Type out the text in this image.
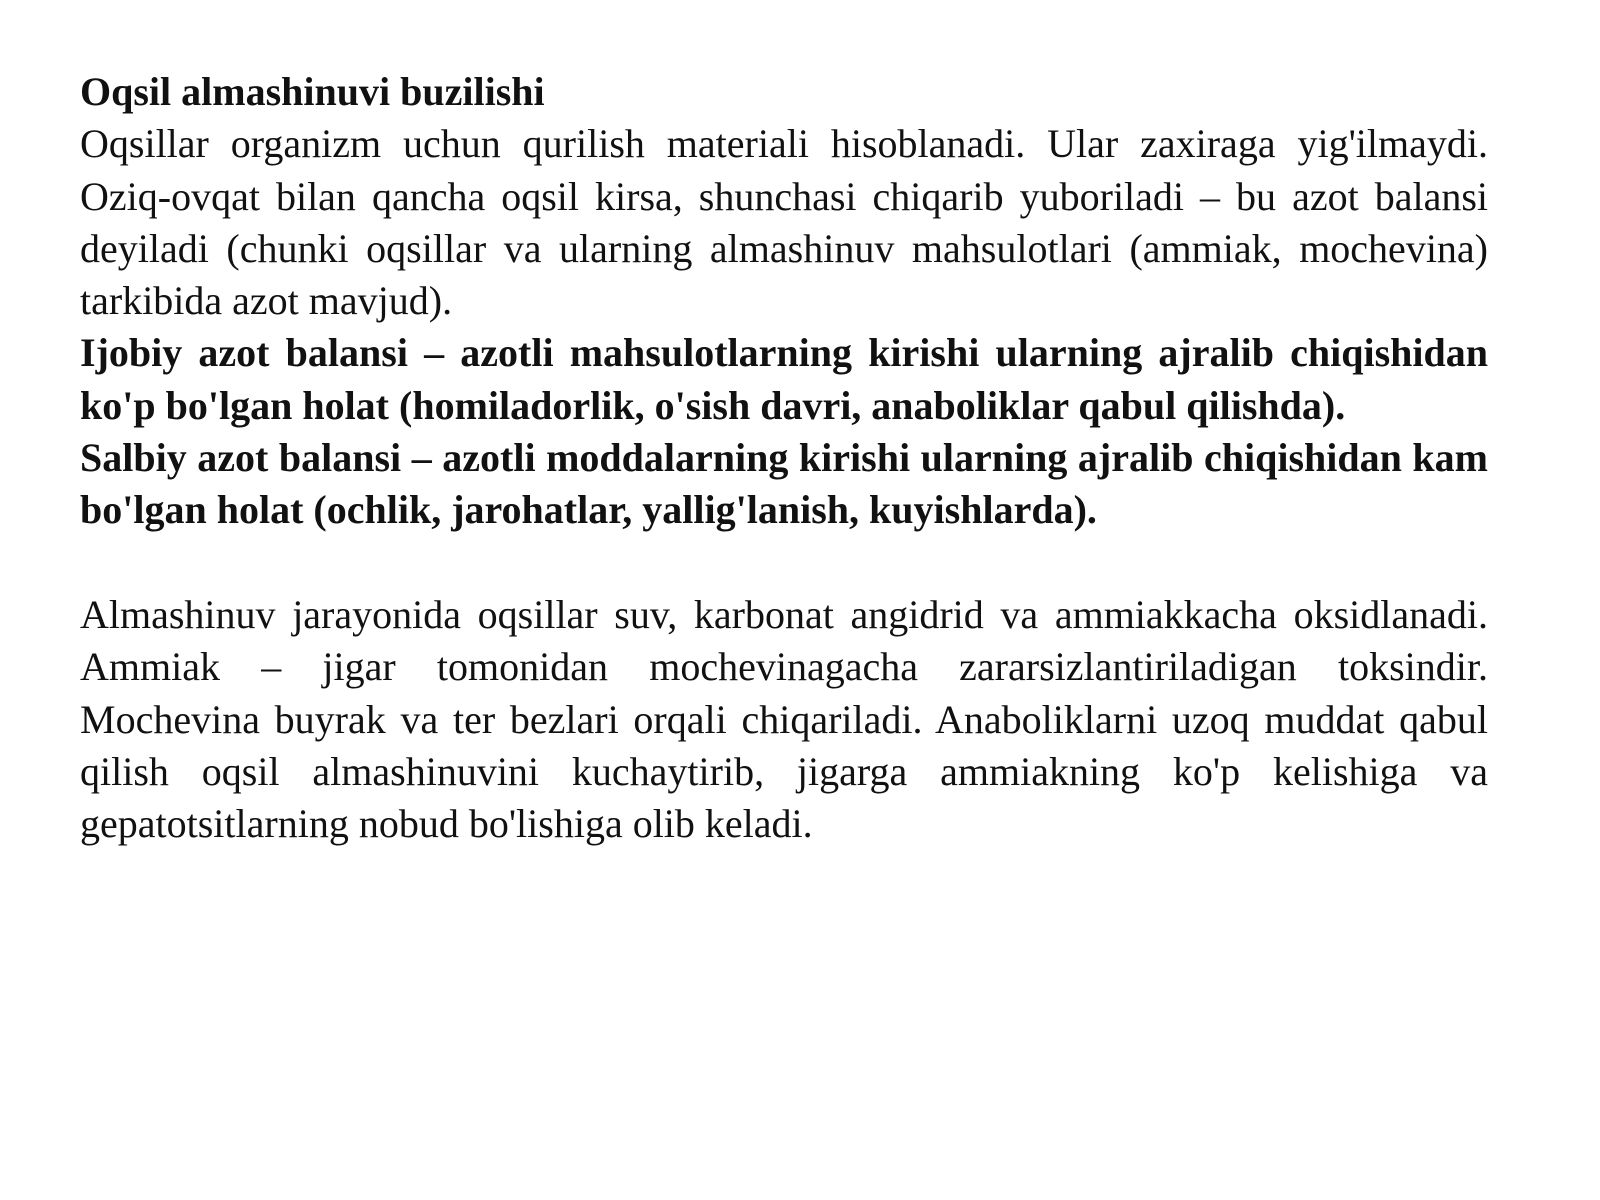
Oqsil almashinuvi buzilishi

Oqsillar organizm uchun qurilish materiali hisoblanadi. Ular zaxiraga yig'ilmaydi. Oziq-ovqat bilan qancha oqsil kirsa, shunchasi chiqarib yuboriladi – bu azot balansi deyiladi (chunki oqsillar va ularning almashinuv mahsulotlari (ammiak, mochevina) tarkibida azot mavjud).

Ijobiy azot balansi – azotli mahsulotlarning kirishi ularning ajralib chiqishidan ko'p bo'lgan holat (homiladorlik, o'sish davri, anaboliklar qabul qilishda).

Salbiy azot balansi – azotli moddalarning kirishi ularning ajralib chiqishidan kam bo'lgan holat (ochlik, jarohatlar, yallig'lanish, kuyishlarda).

Almashinuv jarayonida oqsillar suv, karbonat angidrid va ammiakkacha oksidlanadi. Ammiak – jigar tomonidan mochevinagacha zararsizlantiriladigan toksindir. Mochevina buyrak va ter bezlari orqali chiqariladi. Anaboliklarni uzoq muddat qabul qilish oqsil almashinuvini kuchaytirib, jigarga ammiakning ko'p kelishiga va gepatotsitlarning nobud bo'lishiga olib keladi.
